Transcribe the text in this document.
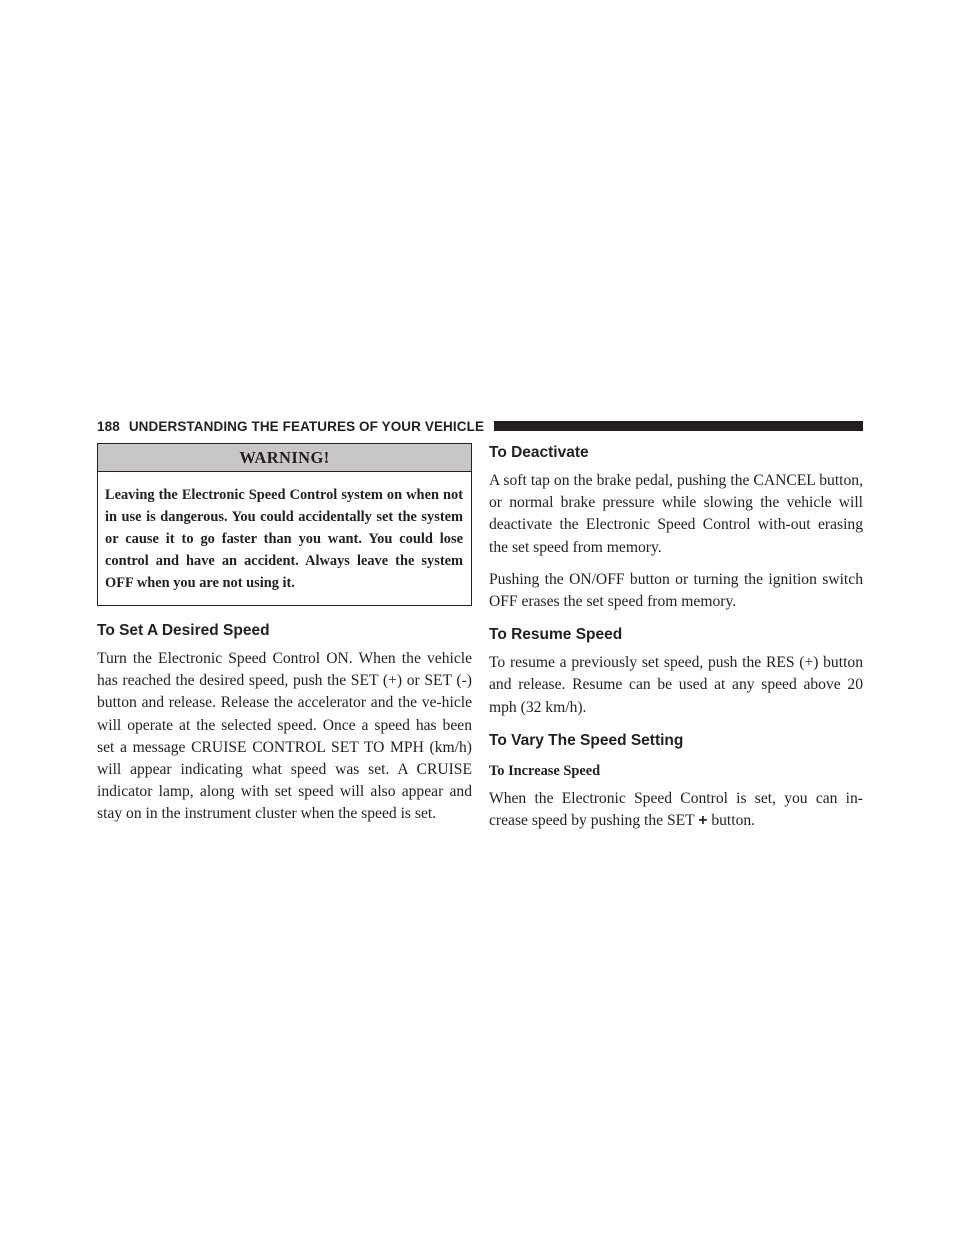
188 UNDERSTANDING THE FEATURES OF YOUR VEHICLE
WARNING!
Leaving the Electronic Speed Control system on when not in use is dangerous. You could accidentally set the system or cause it to go faster than you want. You could lose control and have an accident. Always leave the system OFF when you are not using it.
To Set A Desired Speed

Turn the Electronic Speed Control ON. When the vehicle has reached the desired speed, push the SET (+) or SET (-) button and release. Release the accelerator and the ve-hicle will operate at the selected speed. Once a speed has been set a message CRUISE CONTROL SET TO MPH (km/h) will appear indicating what speed was set. A CRUISE indicator lamp, along with set speed will also appear and stay on in the instrument cluster when the speed is set.

To Deactivate

A soft tap on the brake pedal, pushing the CANCEL button, or normal brake pressure while slowing the vehicle will deactivate the Electronic Speed Control with-out erasing the set speed from memory.

Pushing the ON/OFF button or turning the ignition switch OFF erases the set speed from memory.

To Resume Speed

To resume a previously set speed, push the RES (+) button and release. Resume can be used at any speed above 20 mph (32 km/h).

To Vary The Speed Setting
To Increase Speed

When the Electronic Speed Control is set, you can in-crease speed by pushing the SET + button.
